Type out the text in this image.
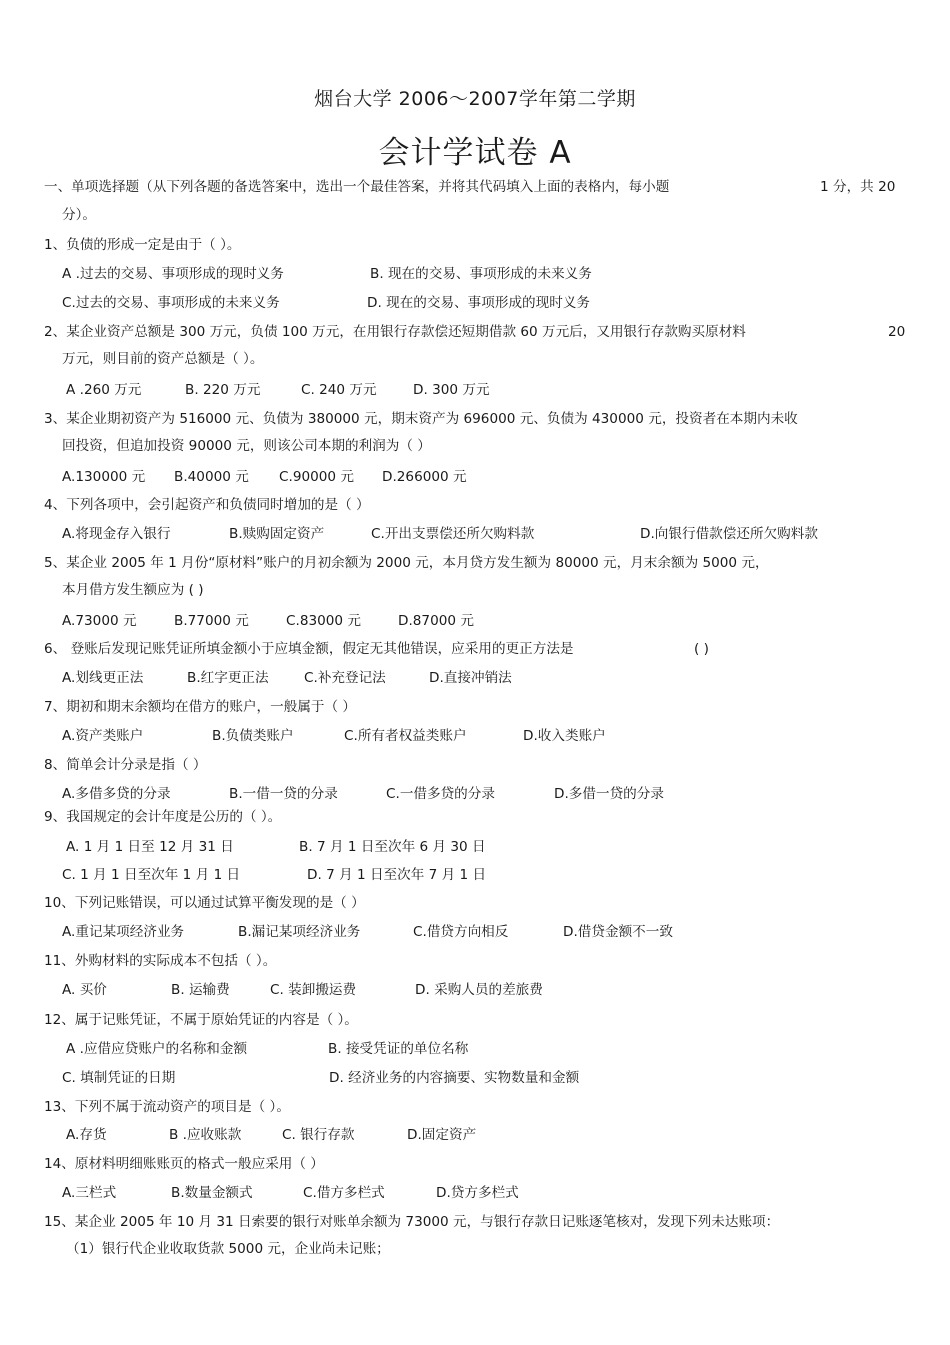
烟台大学 2006～2007学年第二学期
会计学试卷 A
一、单项选择题（从下列各题的备选答案中，选出一个最佳答案，并将其代码填入上面的表格内，每小题	1 分，共 20
分）。
1、负债的形成一定是由于（ ）。
A .过去的交易、事项形成的现时义务	B. 现在的交易、事项形成的未来义务
C.过去的交易、事项形成的未来义务	D. 现在的交易、事项形成的现时义务
2、某企业资产总额是 300 万元，负债 100 万元，在用银行存款偿还短期借款 60 万元后，又用银行存款购买原材料	20
万元，则目前的资产总额是（ ）。
A .260 万元	B. 220 万元	C. 240 万元	D. 300 万元
3、某企业期初资产为 516000 元、负债为 380000 元，期末资产为 696000 元、负债为 430000 元，投资者在本期内未收
回投资，但追加投资 90000 元，则该公司本期的利润为（ ）
A.130000 元 B.40000 元 C.90000 元 D.266000 元
4、下列各项中，会引起资产和负债同时增加的是（ ）
A.将现金存入银行	B.赎购固定资产	C.开出支票偿还所欠购料款	D.向银行借款偿还所欠购料款
5、某企业 2005 年 1 月份“原材料”账户的月初余额为 2000 元，本月贷方发生额为 80000 元，月末余额为 5000 元，
本月借方发生额应为 ( )
A.73000 元	B.77000 元	C.83000 元	D.87000 元
6、 登账后发现记账凭证所填金额小于应填金额，假定无其他错误，应采用的更正方法是	( )
A.划线更正法	B.红字更正法	C.补充登记法	D.直接冲销法
7、期初和期末余额均在借方的账户，一般属于（ ）
A.资产类账户	B.负债类账户	C.所有者权益类账户	D.收入类账户
8、简单会计分录是指（ ）
A.多借多贷的分录	B.一借一贷的分录	C.一借多贷的分录	D.多借一贷的分录
9、我国规定的会计年度是公历的（ ）。
A. 1 月 1 日至 12 月 31 日	B. 7 月 1 日至次年 6 月 30 日
C. 1 月 1 日至次年 1 月 1 日	D. 7 月 1 日至次年 7 月 1 日
10、下列记账错误，可以通过试算平衡发现的是（ ）
A.重记某项经济业务	B.漏记某项经济业务	C.借贷方向相反	D.借贷金额不一致
11、外购材料的实际成本不包括（ ）。
A. 买价	B. 运输费	C. 装卸搬运费	D. 采购人员的差旅费
12、属于记账凭证，不属于原始凭证的内容是（ ）。
A .应借应贷账户的名称和金额	B. 接受凭证的单位名称
C. 填制凭证的日期	D. 经济业务的内容摘要、实物数量和金额
13、下列不属于流动资产的项目是（ ）。
A.存货	B .应收账款	C. 银行存款	D.固定资产
14、原材料明细账账页的格式一般应采用（ ）
A.三栏式	B.数量金额式	C.借方多栏式	D.贷方多栏式
15、某企业 2005 年 10 月 31 日索要的银行对账单余额为 73000 元，与银行存款日记账逐笔核对，发现下列未达账项：
（1）银行代企业收取货款 5000 元，企业尚未记账；
